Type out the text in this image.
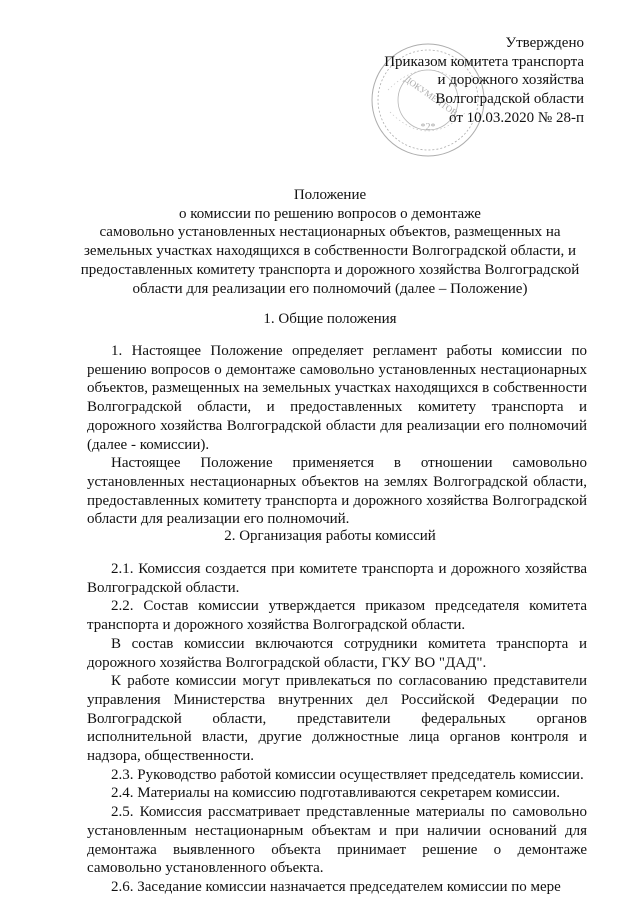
ДОКУМЕНТОВ
*2*
Утверждено
Приказом комитета транспорта
и дорожного хозяйства
Волгоградской области
от 10.03.2020 № 28-п
Положение
о комиссии по решению вопросов о демонтаже
самовольно установленных нестационарных объектов, размещенных на
земельных участках находящихся в собственности Волгоградской области, и
предоставленных комитету транспорта и дорожного хозяйства Волгоградской
области для реализации его полномочий (далее – Положение)
1. Общие положения

1. Настоящее Положение определяет регламент работы комиссии по решению вопросов о демонтаже самовольно установленных нестационарных объектов, размещенных на земельных участках находящихся в собственности Волгоградской области, и предоставленных комитету транспорта и дорожного хозяйства Волгоградской области для реализации его полномочий (далее - комиссии).

Настоящее Положение применяется в отношении самовольно установленных нестационарных объектов на землях Волгоградской области, предоставленных комитету транспорта и дорожного хозяйства Волгоградской области для реализации его полномочий.

2. Организация работы комиссий

2.1. Комиссия создается при комитете транспорта и дорожного хозяйства Волгоградской области.

2.2. Состав комиссии утверждается приказом председателя комитета транспорта и дорожного хозяйства Волгоградской области.

В состав комиссии включаются сотрудники комитета транспорта и дорожного хозяйства Волгоградской области, ГКУ ВО "ДАД".

К работе комиссии могут привлекаться по согласованию представители управления Министерства внутренних дел Российской Федерации по Волгоградской области, представители федеральных органов исполнительной власти, другие должностные лица органов контроля и надзора, общественности.

2.3. Руководство работой комиссии осуществляет председатель комиссии.

2.4. Материалы на комиссию подготавливаются секретарем комиссии.

2.5. Комиссия рассматривает представленные материалы по самовольно установленным нестационарным объектам и при наличии оснований для демонтажа выявленного объекта принимает решение о демонтаже самовольно установленного объекта.

2.6. Заседание комиссии назначается председателем комиссии по мере
